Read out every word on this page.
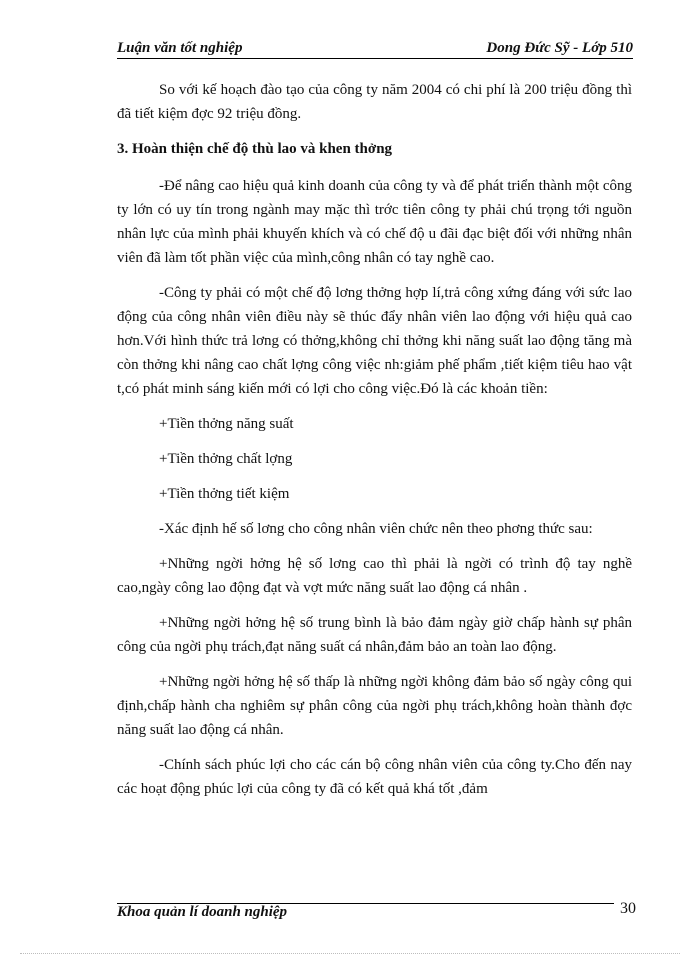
Luận văn tốt nghiệp	Dong Đức Sỹ - Lớp 510

So với kế hoạch đào tạo của công ty năm 2004 có chi phí là 200 triệu đồng thì đã tiết kiệm đợc 92 triệu đồng.

3. Hoàn thiện chế độ thù lao và khen thởng

-Để nâng cao hiệu quả kinh doanh của công ty và để phát triển thành một công ty lớn có uy tín trong ngành may mặc thì trớc tiên công ty phải chú trọng tới nguồn nhân lực của mình phải khuyến khích và có chế độ u đãi đạc biệt đối với những nhân viên đã làm tốt phần việc của mình,công nhân có tay nghề cao.

-Công ty phải có một chế độ lơng thởng hợp lí,trả công xứng đáng với sức lao động của công nhân viên điều này sẽ thúc đẩy nhân viên lao động với hiệu quả cao hơn.Với hình thức trả lơng có thởng,không chỉ thởng khi năng suất lao động tăng mà còn thởng khi nâng cao chất lợng công việc nh:giảm phế phẩm ,tiết kiệm tiêu hao vật t,có phát minh sáng kiến mới có lợi cho công việc.Đó là các khoản tiền:

+Tiền thởng năng suất

+Tiền thởng chất lợng

+Tiền thởng tiết kiệm

-Xác định hế số lơng cho công nhân viên chức nên theo phơng thức sau:

+Những ngời hởng hệ số lơng cao thì phải là ngời có trình độ tay nghề cao,ngày công lao động đạt và vợt mức năng suất lao động cá nhân .

+Những ngời hởng hệ số trung bình là bảo đảm ngày giờ chấp hành sự phân công của ngời phụ trách,đạt năng suất cá nhân,đảm bảo an toàn lao động.

+Những ngời hởng hệ số thấp là những ngời không đảm bảo số ngày công qui định,chấp hành cha nghiêm sự phân công của ngời phụ trách,không hoàn thành đợc năng suất lao động cá nhân.

-Chính sách phúc lợi cho các cán bộ công nhân viên của công ty.Cho đến nay các hoạt động phúc lợi của công ty đã có kết quả khá tốt ,đảm

Khoa quản lí doanh nghiệp	30
